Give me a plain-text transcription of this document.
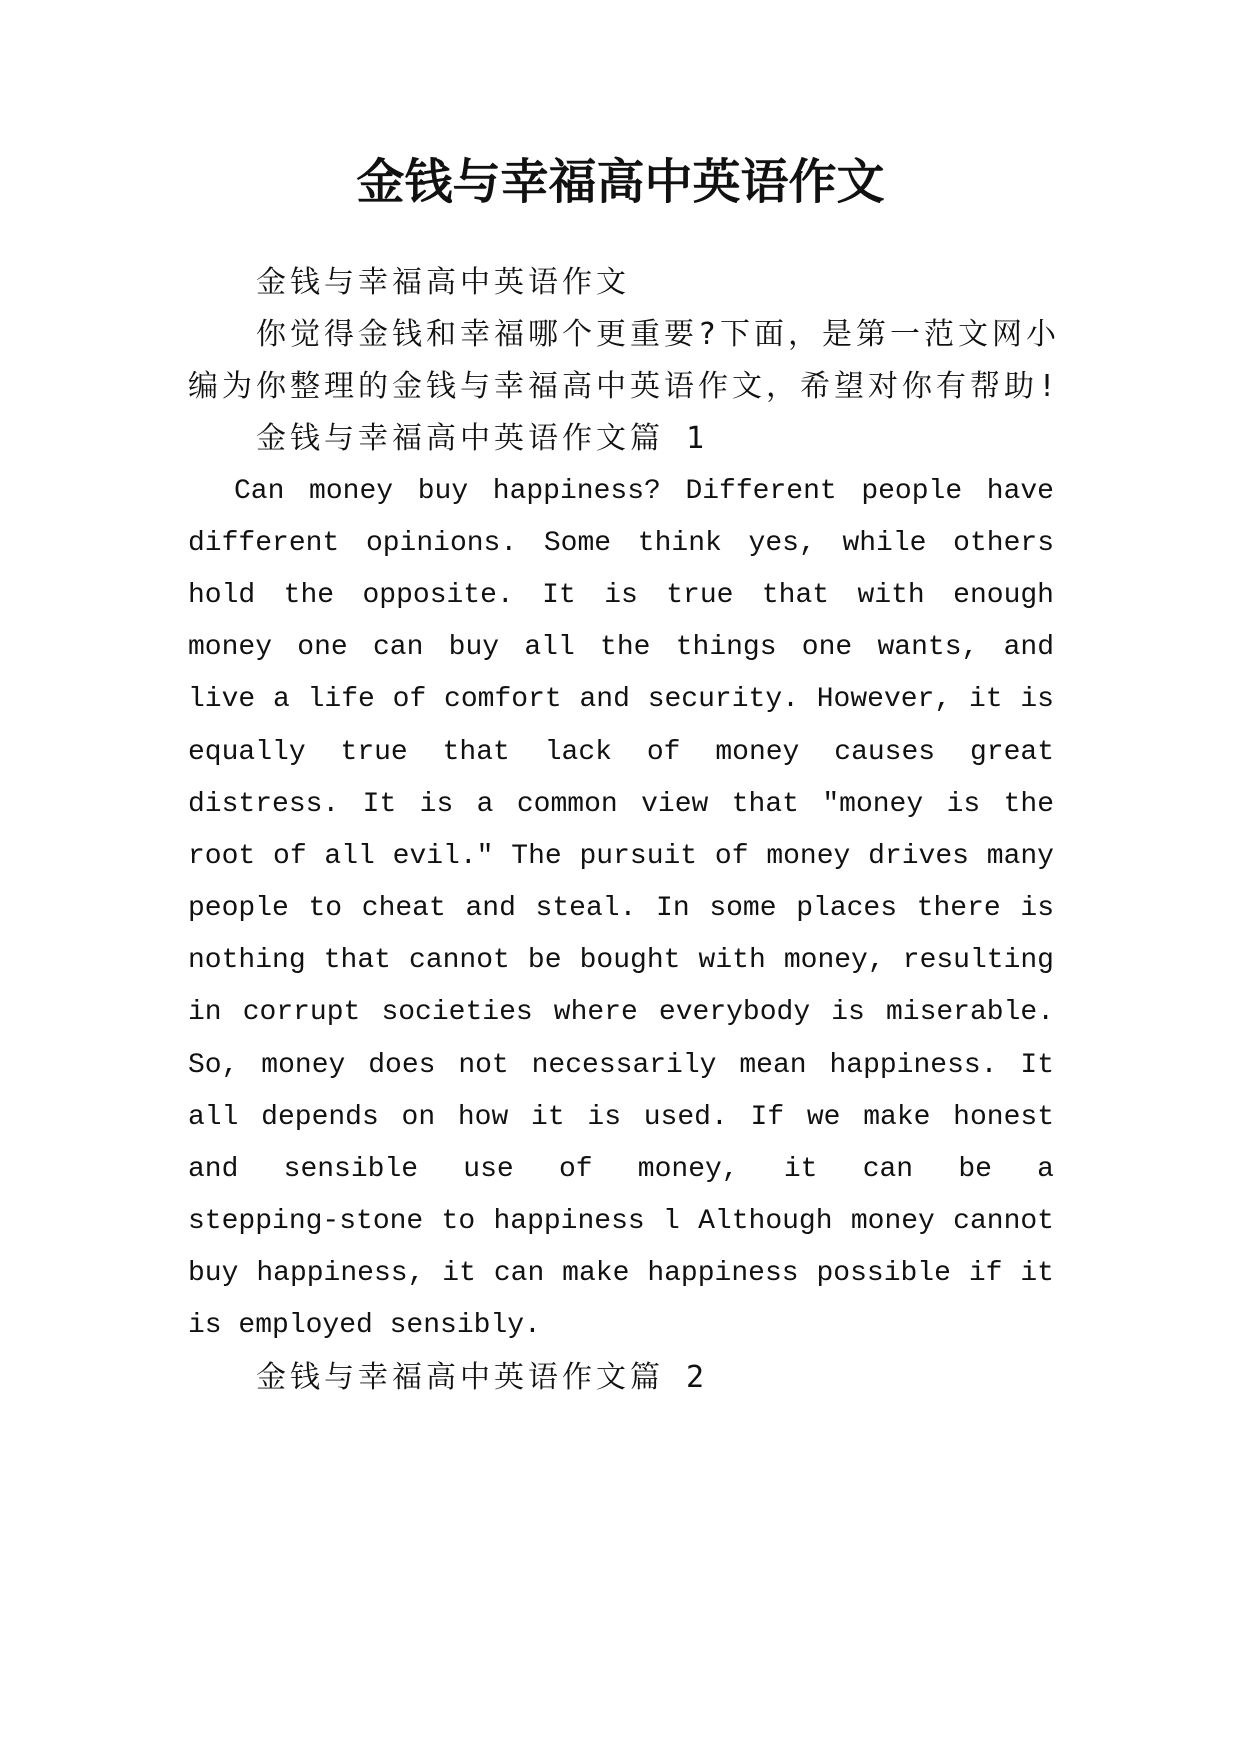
金钱与幸福高中英语作文

金钱与幸福高中英语作文

你觉得金钱和幸福哪个更重要?下面，是第一范文网小

编为你整理的金钱与幸福高中英语作文，希望对你有帮助!

金钱与幸福高中英语作文篇 1

Can money buy happiness? Different people have

different opinions. Some think yes, while others

hold the opposite. It is true that with enough

money one can buy all the things one wants, and

live a life of comfort and security. However, it is

equally true that lack of money causes great

distress. It is a common view that "money is the

root of all evil." The pursuit of money drives many

people to cheat and steal. In some places there is

nothing that cannot be bought with money, resulting

in corrupt societies where everybody is miserable.

So, money does not necessarily mean happiness. It

all depends on how it is used. If we make honest

and sensible use of money, it can be a

stepping-stone to happiness l Although money cannot

buy happiness, it can make happiness possible if it

is employed sensibly.

金钱与幸福高中英语作文篇 2
